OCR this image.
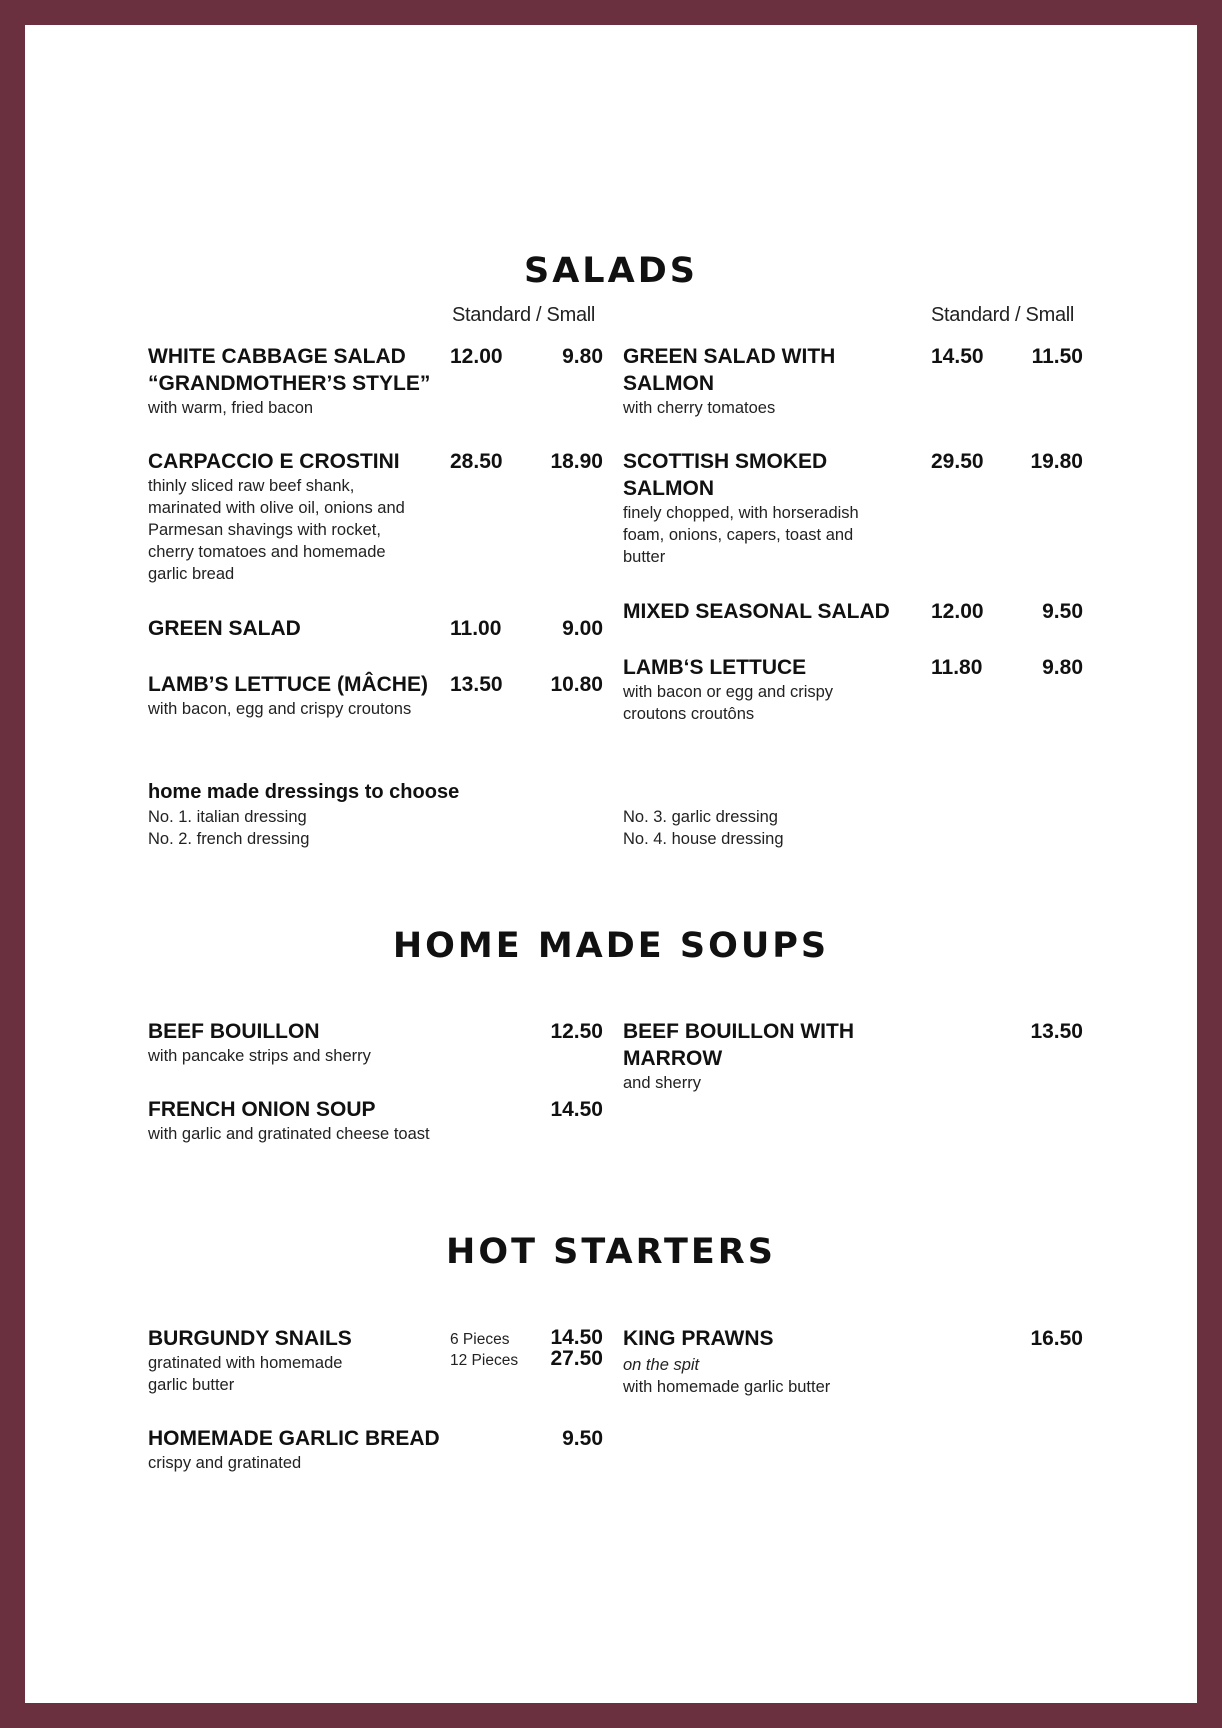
SALADS
Standard / Small	Standard / Small
WHITE CABBAGE SALAD “GRANDMOTHER’S STYLE”
with warm, fried bacon
12.00	9.80
CARPACCIO E CROSTINI
thinly sliced raw beef shank, marinated with olive oil, onions and Parmesan shavings with rocket, cherry tomatoes and homemade garlic bread
28.50 18.90
GREEN SALAD	11.00	9.00
LAMB’S LETTUCE (MÂCHE)
with bacon, egg and crispy croutons
13.50 10.80
GREEN SALAD WITH SALMON
with cherry tomatoes
14.50 11.50
SCOTTISH SMOKED SALMON
finely chopped, with horseradish foam, onions, capers, toast and butter
29.50 19.80
MIXED SEASONAL SALAD	12.00	9.50
LAMB‘S LETTUCE
with bacon or egg and crispy croutons croutôns
11.80	9.80
home made dressings to choose
No. 1. italian dressing
No. 2. french dressing
No. 3. garlic dressing
No. 4. house dressing
HOME MADE SOUPS
BEEF BOUILLON
with pancake strips and sherry
12.50
FRENCH ONION SOUP
with garlic and gratinated cheese toast
14.50
BEEF BOUILLON WITH MARROW
and sherry
13.50
HOT STARTERS
BURGUNDY SNAILS
gratinated with homemade garlic butter
6 Pieces 14.50
12 Pieces 27.50
HOMEMADE GARLIC BREAD
crispy and gratinated
9.50
KING PRAWNS
on the spit
with homemade garlic butter
16.50
